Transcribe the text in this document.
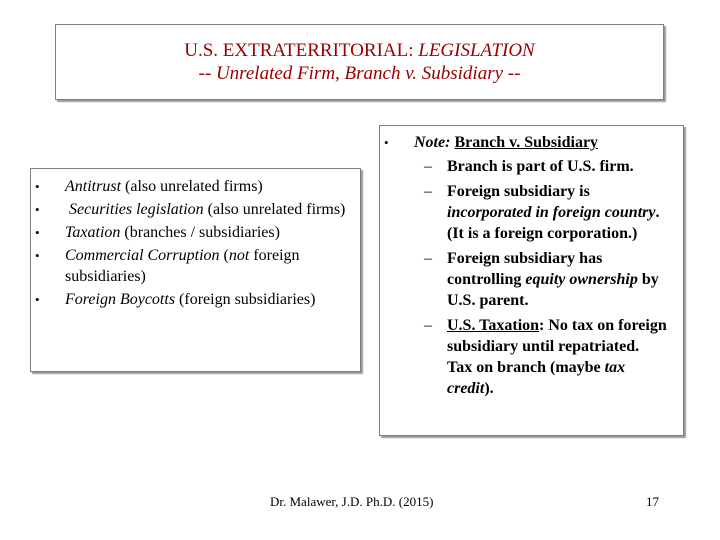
U.S. EXTRATERRITORIAL: LEGISLATION
-- Unrelated Firm, Branch v. Subsidiary --
• Antitrust (also unrelated firms)
• Securities legislation (also unrelated firms)
• Taxation (branches / subsidiaries)
• Commercial Corruption (not foreign subsidiaries)
• Foreign Boycotts (foreign subsidiaries)
• Note: Branch v. Subsidiary
– Branch is part of U.S. firm.
– Foreign subsidiary is incorporated in foreign country. (It is a foreign corporation.)
– Foreign subsidiary has controlling equity ownership by U.S. parent.
– U.S. Taxation: No tax on foreign subsidiary until repatriated. Tax on branch (maybe tax credit).
Dr. Malawer, J.D. Ph.D. (2015)	17
